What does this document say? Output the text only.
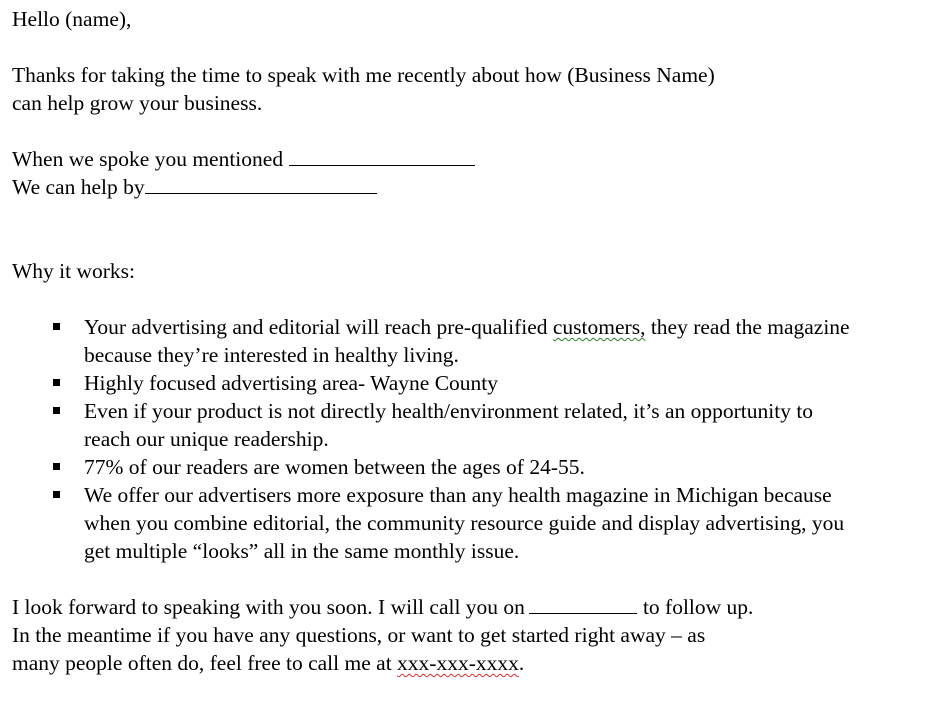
Hello (name),

Thanks for taking the time to speak with me recently about how (Business Name)

can help grow your business.

When we spoke you mentioned

We can help by

Why it works:

Your advertising and editorial will reach pre-qualified customers, they read the magazine because they’re interested in healthy living.
Highly focused advertising area- Wayne County
Even if your product is not directly health/environment related, it’s an opportunity to reach our unique readership.
77% of our readers are women between the ages of 24-55.
We offer our advertisers more exposure than any health magazine in Michigan because when you combine editorial, the community resource guide and display advertising, you get multiple “looks” all in the same monthly issue.

I look forward to speaking with you soon. I will call you on	to follow up.

In the meantime if you have any questions, or want to get started right away – as

many people often do, feel free to call me at xxx-xxx-xxxx.
